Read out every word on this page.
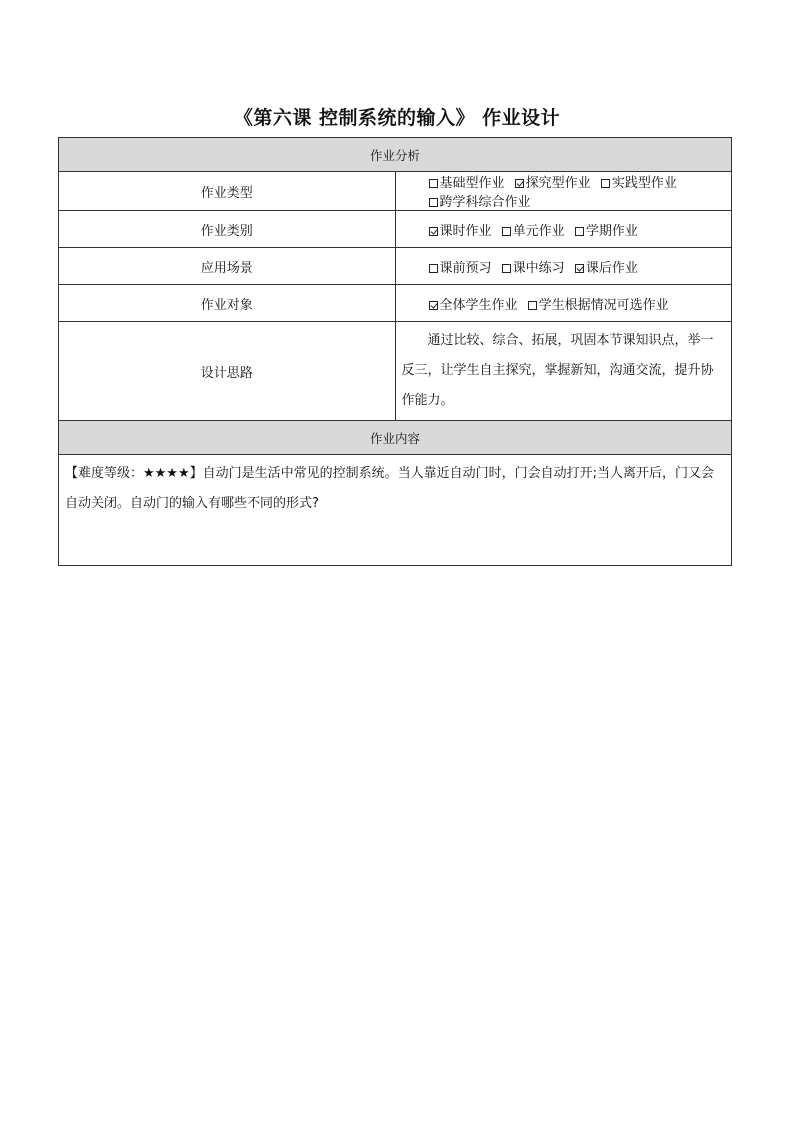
《第六课 控制系统的输入》 作业设计
作业分析	
作业类型	基础型作业 探究型作业 实践型作业 跨学科综合作业
作业类别	课时作业 单元作业 学期作业
应用场景	课前预习 课中练习 课后作业
作业对象	全体学生作业 学生根据情况可选作业
设计思路	通过比较、综合、拓展，巩固本节课知识点，举一反三，让学生自主探究，掌握新知，沟通交流，提升协作能力。
作业内容	
【难度等级：★★★★】自动门是生活中常见的控制系统。当人靠近自动门时，门会自动打开;当人离开后，门又会自动关闭。自动门的输入有哪些不同的形式?	
